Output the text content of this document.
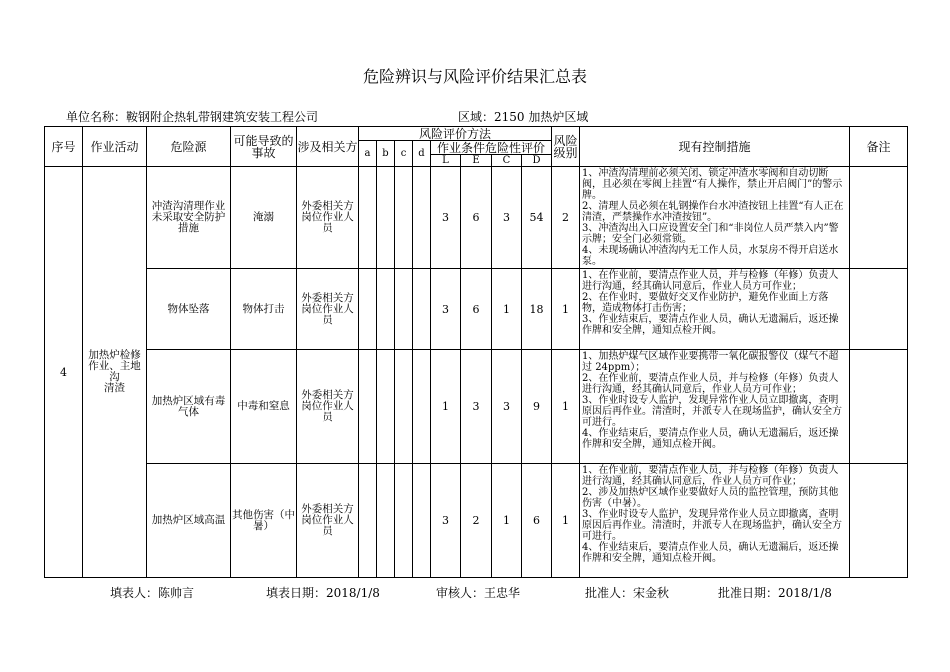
危险辨识与风险评价结果汇总表
单位名称：鞍钢附企热轧带钢建筑安装工程公司	区域：2150 加热炉区域
序号	作业活动	危险源	可能导致的事故	涉及相关方	风险评价方法								风险级别	现有控制措施	备注
					a	b	c	d	作业条件危险性评价						
									L	E	C	D			
4	加热炉检修作业、主地沟
清渣	冲渣沟清理作业未采取安全防护措施	淹溺	外委相关方岗位作业人员					3	6	3	54	2	1、冲渣沟清理前必须关闭、锁定冲渣水零阀和自动切断阀，且必须在零阀上挂置“有人操作，禁止开启阀门”的警示牌。
2、清理人员必须在轧钢操作台水冲渣按钮上挂置“有人正在清渣，严禁操作水冲渣按钮”。
3、冲渣沟出入口应设置安全门和“非岗位人员严禁入内”警示牌；安全门必须常锁。
4、未现场确认冲渣沟内无工作人员，水泵房不得开启送水泵。	
		物体坠落	物体打击	外委相关方岗位作业人员					3	6	1	18	1	1、在作业前，要清点作业人员，并与检修（年修）负责人进行沟通，经其确认同意后，作业人员方可作业；
2、在作业时，要做好交叉作业防护，避免作业面上方落物，造成物体打击伤害；
3、作业结束后，要清点作业人员，确认无遗漏后，返还操作牌和安全牌，通知点检开阀。	
		加热炉区域有毒气体	中毒和窒息	外委相关方岗位作业人员					1	3	3	9	1	1、加热炉煤气区域作业要携带一氧化碳报警仪（煤气不超过 24ppm）；
2、在作业前，要清点作业人员，并与检修（年修）负责人进行沟通，经其确认同意后，作业人员方可作业；
3、作业时设专人监护，发现异常作业人员立即撤离，查明原因后再作业。清渣时，并派专人在现场监护，确认安全方可进行。
4、作业结束后，要清点作业人员，确认无遗漏后，返还操作牌和安全牌，通知点检开阀。	
		加热炉区域高温	其他伤害（中暑）	外委相关方岗位作业人员					3	2	1	6	1	1、在作业前，要清点作业人员，并与检修（年修）负责人进行沟通，经其确认同意后，作业人员方可作业；
2、涉及加热炉区域作业要做好人员的监控管理，预防其他伤害（中暑）。
3、作业时设专人监护，发现异常作业人员立即撤离，查明原因后再作业。清渣时，并派专人在现场监护，确认安全方可进行。
4、作业结束后，要清点作业人员，确认无遗漏后，返还操作牌和安全牌，通知点检开阀。	
填表人：陈帅言	填表日期：2018/1/8	审核人：王忠华	批准人：宋金秋	批准日期：2018/1/8
